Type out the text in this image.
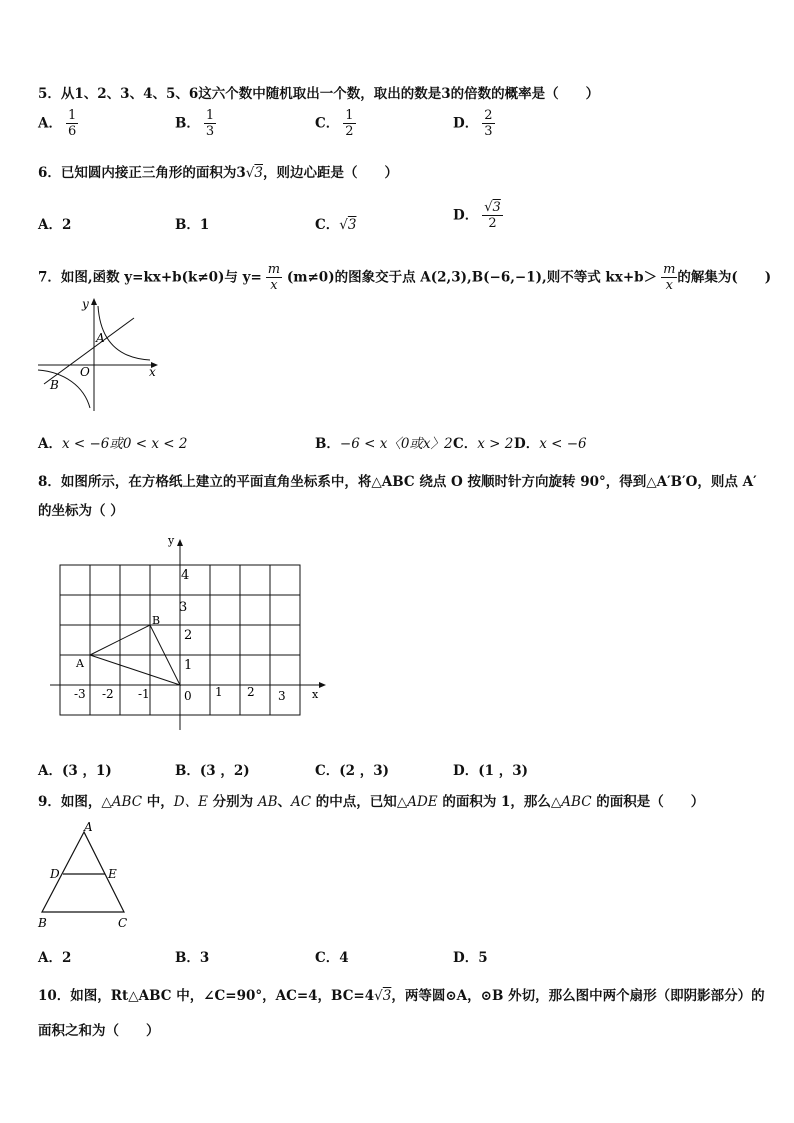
5．从1、2、3、4、5、6这六个数中随机取出一个数，取出的数是3的倍数的概率是（　　）
A． $\frac{1}{6}$	B． $\frac{1}{3}$	C． $\frac{1}{2}$	D． $\frac{2}{3}$
6．已知圆内接正三角形的面积为3√3，则边心距是（　　）
A．2	B．1	C．√3
D． $\frac{√3}{2}$
7．如图,函数 y=kx+b(k≠0)与 $y= \frac{m}{x} (m\ne 0)$的图象交于点 A(2,3),B(−6,−1),则不等式 $kx+b> \frac{m}{x}$ 的解集为(　　)
y
A
O
B
x
A．x < −6或0 < x < 2	B．−6 < x〈0或x〉2 C．x > 2 D．x < −6
8．如图所示，在方格纸上建立的平面直角坐标系中，将△ABC 绕点 O 按顺时针方向旋转 90°，得到△A′B′O，则点 A′
的坐标为（ ）
y
x
A
B
0
4
3
2
1
-3 -2 -1	1 2 3
A．(3 ，1)	B．(3 ，2)	C．(2 ，3)	D．(1 ，3)
9．如图，△ABC 中，D、E 分别为 AB、AC 的中点，已知△ADE 的面积为 1，那么△ABC 的面积是（　　）
A
D	E
B	C
A．2	B．3	C．4	D．5
10．如图，Rt△ABC 中，∠C=90°，AC=4，BC=4√3，两等圆⊙A，⊙B 外切，那么图中两个扇形（即阴影部分）的
面积之和为（　　）
